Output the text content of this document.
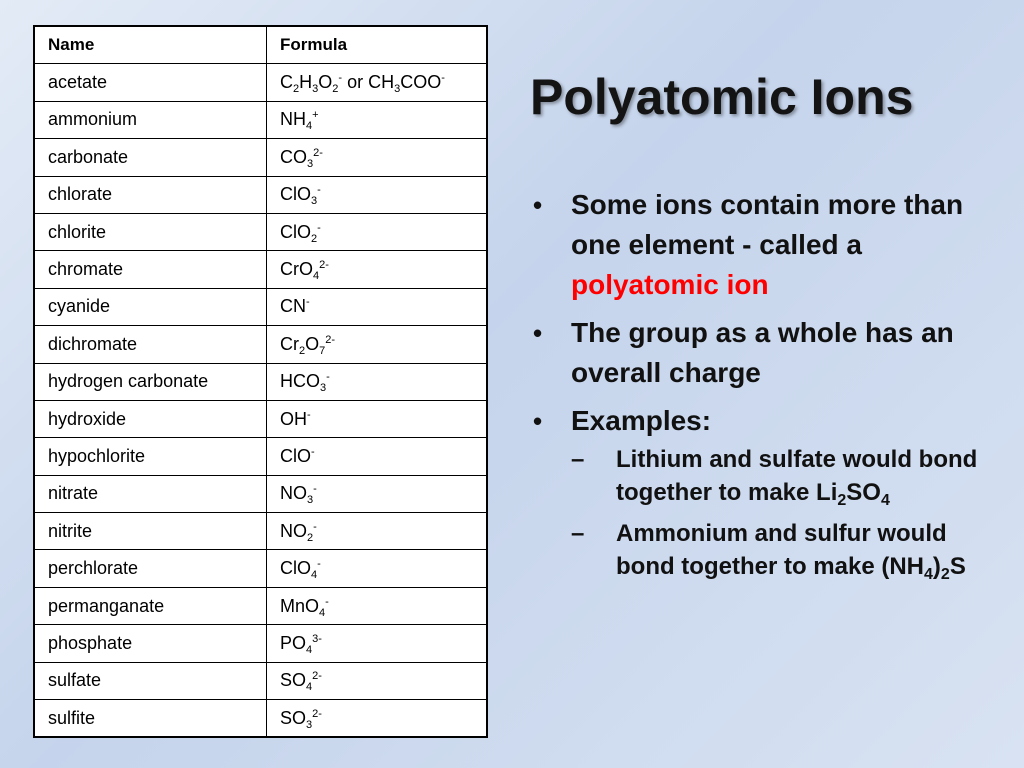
Name	Formula
acetate	$C_2H_3O_2^-$ or $CH_3COO^-$
ammonium	$NH_4^+$
carbonate	$CO_3^{2-}$
chlorate	ClO$_3$-
chlorite	ClO$_2$-
chromate	CrO$_4^{2-}$
cyanide	CN-
dichromate	$Cr_2O_7^{2-}$
hydrogen carbonate	$HCO_3^-$
hydroxide	OH-
hypochlorite	ClO-
nitrate	$NO_3^-$
nitrite	$NO_2^-$
perchlorate	ClO$_4$-
permanganate	MnO$_4$-
phosphate	$PO_4^{3-}$
sulfate	$SO_4^{2-}$
sulfite	$SO_3^{2-}$
Polyatomic Ions
• Some ions contain more than one element - called a polyatomic ion
• The group as a whole has an overall charge
• Examples:
– Lithium and sulfate would bond together to make $Li_2SO_4$
– Ammonium and sulfur would bond together to make $(NH_4)_2S$
